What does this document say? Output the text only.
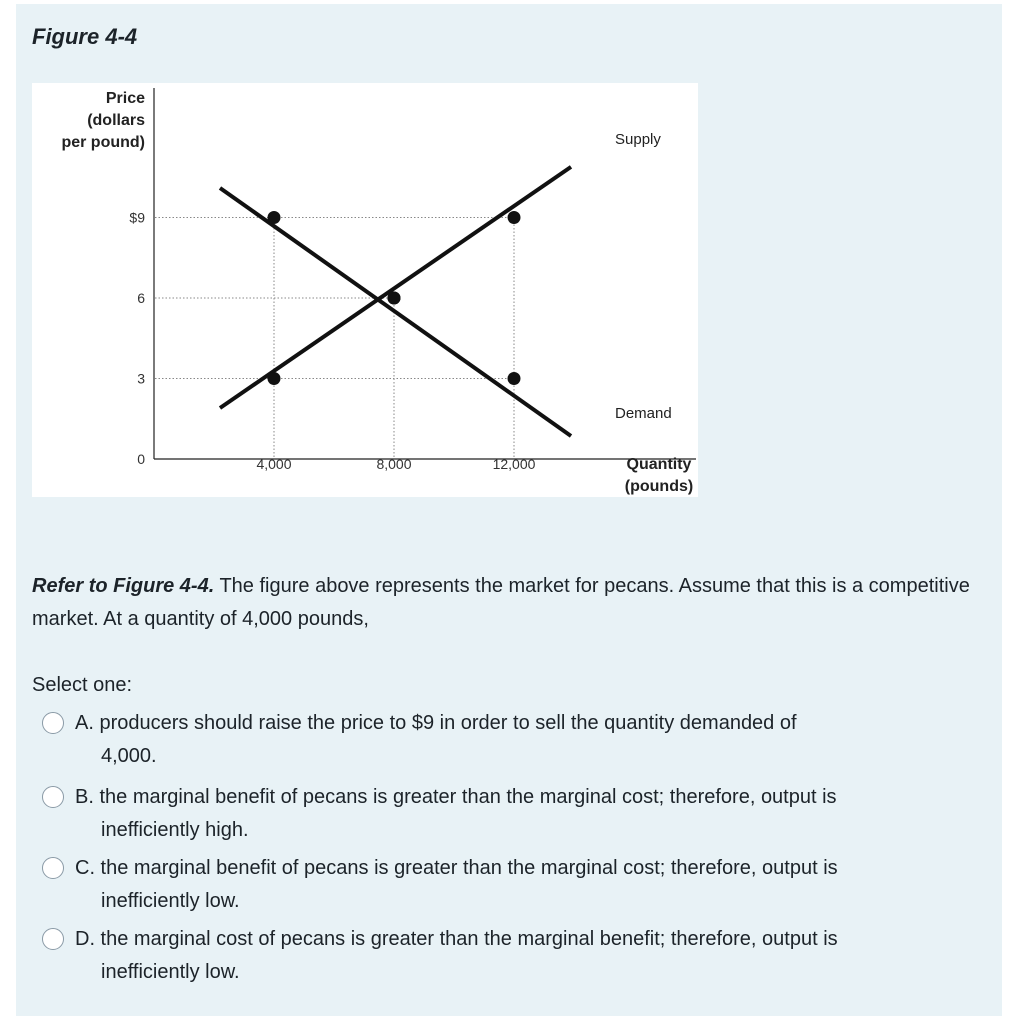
Figure 4-4
Price
(dollars
per pound)
Quantity
(pounds)
$9
6
3
0	4,000	8,000	12,000
Supply
Demand
Refer to Figure 4-4. The figure above represents the market for pecans. Assume that this is a competitive market. At a quantity of 4,000 pounds,
Select one:
A. producers should raise the price to $9 in order to sell the quantity demanded of
4,000.
B. the marginal benefit of pecans is greater than the marginal cost; therefore, output is
inefficiently high.
C. the marginal benefit of pecans is greater than the marginal cost; therefore, output is
inefficiently low.
D. the marginal cost of pecans is greater than the marginal benefit; therefore, output is
inefficiently low.
